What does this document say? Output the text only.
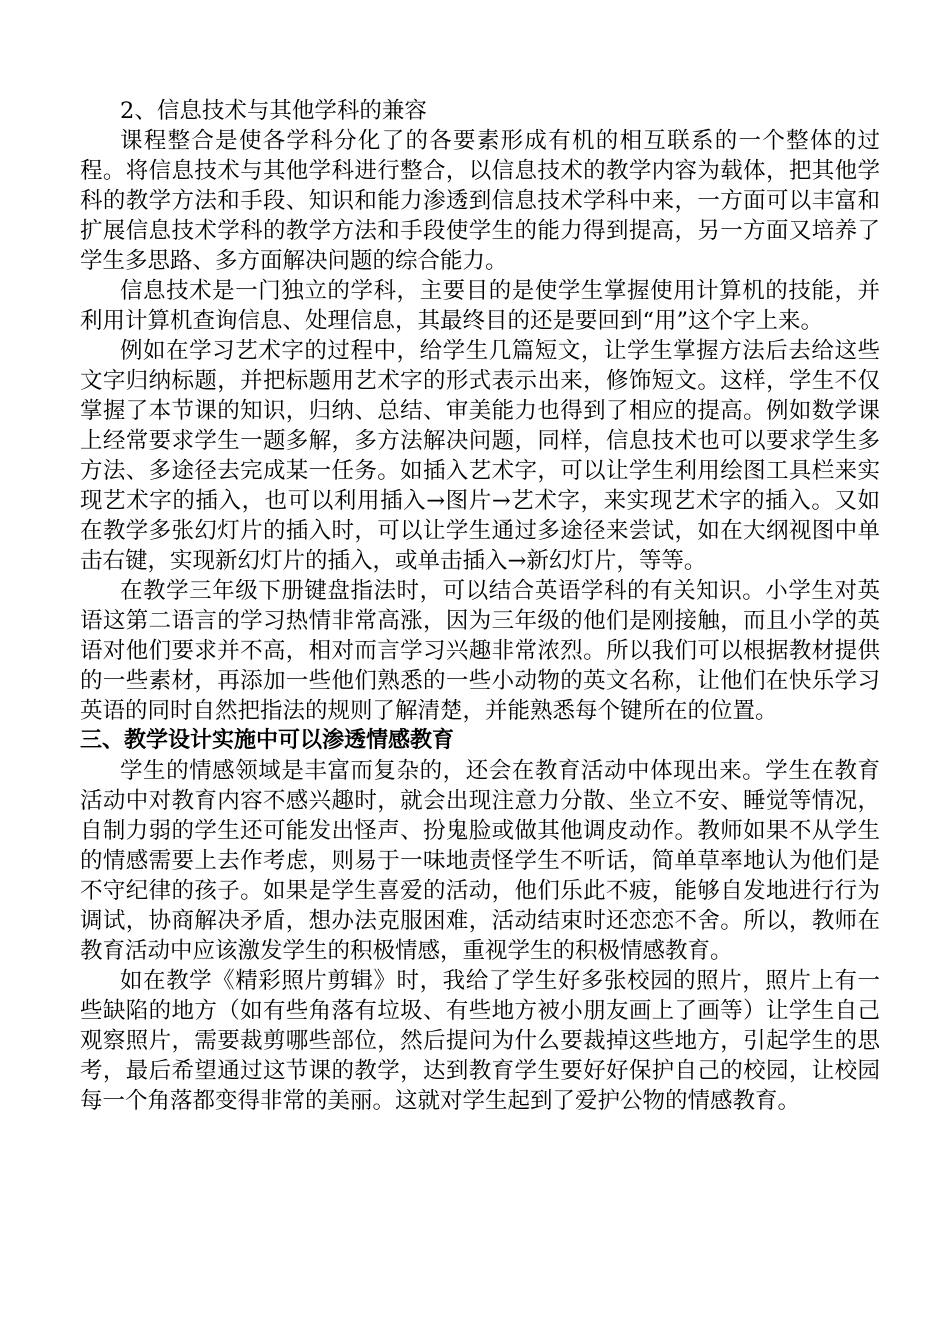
2、信息技术与其他学科的兼容

课程整合是使各学科分化了的各要素形成有机的相互联系的一个整体的过程。将信息技术与其他学科进行整合，以信息技术的教学内容为载体，把其他学科的教学方法和手段、知识和能力渗透到信息技术学科中来，一方面可以丰富和扩展信息技术学科的教学方法和手段使学生的能力得到提高，另一方面又培养了学生多思路、多方面解决问题的综合能力。

信息技术是一门独立的学科，主要目的是使学生掌握使用计算机的技能，并利用计算机查询信息、处理信息，其最终目的还是要回到“用”这个字上来。

例如在学习艺术字的过程中，给学生几篇短文，让学生掌握方法后去给这些文字归纳标题，并把标题用艺术字的形式表示出来，修饰短文。这样，学生不仅掌握了本节课的知识，归纳、总结、审美能力也得到了相应的提高。例如数学课上经常要求学生一题多解，多方法解决问题，同样，信息技术也可以要求学生多方法、多途径去完成某一任务。如插入艺术字，可以让学生利用绘图工具栏来实现艺术字的插入，也可以利用插入→图片→艺术字，来实现艺术字的插入。又如在教学多张幻灯片的插入时，可以让学生通过多途径来尝试，如在大纲视图中单击右键，实现新幻灯片的插入，或单击插入→新幻灯片，等等。

在教学三年级下册键盘指法时，可以结合英语学科的有关知识。小学生对英语这第二语言的学习热情非常高涨，因为三年级的他们是刚接触，而且小学的英语对他们要求并不高，相对而言学习兴趣非常浓烈。所以我们可以根据教材提供的一些素材，再添加一些他们熟悉的一些小动物的英文名称，让他们在快乐学习英语的同时自然把指法的规则了解清楚，并能熟悉每个键所在的位置。

三、教学设计实施中可以渗透情感教育

学生的情感领域是丰富而复杂的，还会在教育活动中体现出来。学生在教育活动中对教育内容不感兴趣时，就会出现注意力分散、坐立不安、睡觉等情况，自制力弱的学生还可能发出怪声、扮鬼脸或做其他调皮动作。教师如果不从学生的情感需要上去作考虑，则易于一味地责怪学生不听话，简单草率地认为他们是不守纪律的孩子。如果是学生喜爱的活动，他们乐此不疲，能够自发地进行行为调试，协商解决矛盾，想办法克服困难，活动结束时还恋恋不舍。所以，教师在教育活动中应该激发学生的积极情感，重视学生的积极情感教育。

如在教学《精彩照片剪辑》时，我给了学生好多张校园的照片，照片上有一些缺陷的地方（如有些角落有垃圾、有些地方被小朋友画上了画等）让学生自己观察照片，需要裁剪哪些部位，然后提问为什么要裁掉这些地方，引起学生的思考，最后希望通过这节课的教学，达到教育学生要好好保护自己的校园，让校园每一个角落都变得非常的美丽。这就对学生起到了爱护公物的情感教育。
